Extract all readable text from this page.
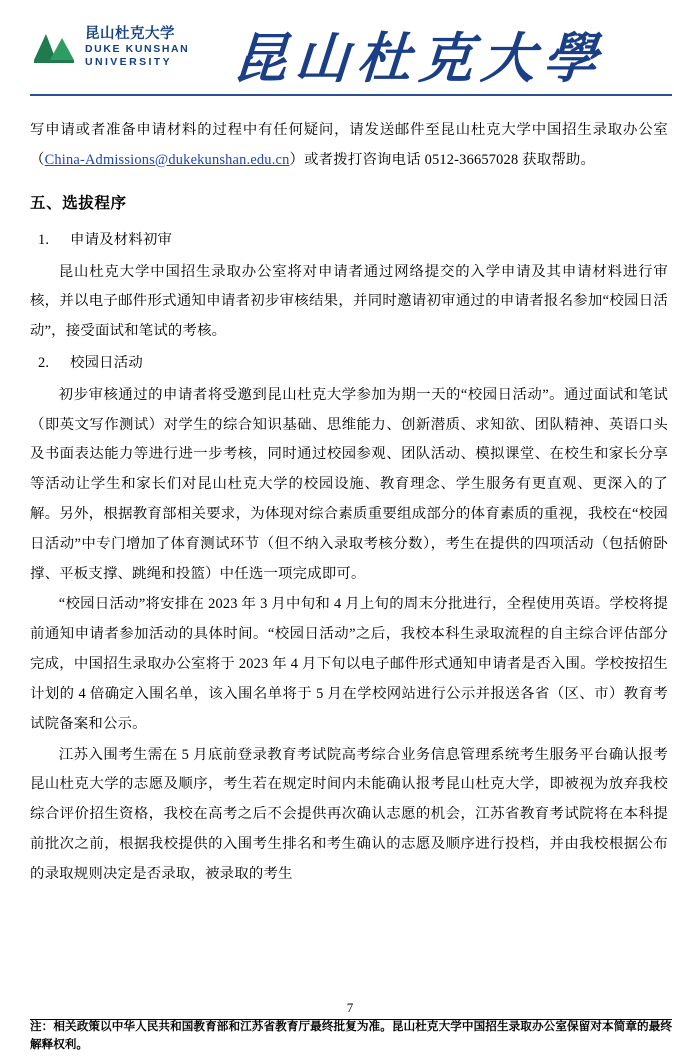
昆山杜克大学
DUKE KUNSHAN
UNIVERSITY	昆山杜克大學

写申请或者准备申请材料的过程中有任何疑问，请发送邮件至昆山杜克大学中国招生录取办公室（China-Admissions@dukekunshan.edu.cn）或者拨打咨询电话 0512-36657028 获取帮助。

五、选拔程序
1.	申请及材料初审

昆山杜克大学中国招生录取办公室将对申请者通过网络提交的入学申请及其申请材料进行审核，并以电子邮件形式通知申请者初步审核结果，并同时邀请初审通过的申请者报名参加“校园日活动”，接受面试和笔试的考核。

2.	校园日活动

初步审核通过的申请者将受邀到昆山杜克大学参加为期一天的“校园日活动”。通过面试和笔试（即英文写作测试）对学生的综合知识基础、思维能力、创新潜质、求知欲、团队精神、英语口头及书面表达能力等进行进一步考核，同时通过校园参观、团队活动、模拟课堂、在校生和家长分享等活动让学生和家长们对昆山杜克大学的校园设施、教育理念、学生服务有更直观、更深入的了解。另外，根据教育部相关要求，为体现对综合素质重要组成部分的体育素质的重视，我校在“校园日活动”中专门增加了体育测试环节（但不纳入录取考核分数），考生在提供的四项活动（包括俯卧撑、平板支撑、跳绳和投篮）中任选一项完成即可。

“校园日活动”将安排在 2023 年 3 月中旬和 4 月上旬的周末分批进行，全程使用英语。学校将提前通知申请者参加活动的具体时间。“校园日活动”之后，我校本科生录取流程的自主综合评估部分完成，中国招生录取办公室将于 2023 年 4 月下旬以电子邮件形式通知申请者是否入围。学校按招生计划的 4 倍确定入围名单，该入围名单将于 5 月在学校网站进行公示并报送各省（区、市）教育考试院备案和公示。

江苏入围考生需在 5 月底前登录教育考试院高考综合业务信息管理系统考生服务平台确认报考昆山杜克大学的志愿及顺序，考生若在规定时间内未能确认报考昆山杜克大学，即被视为放弃我校综合评价招生资格，我校在高考之后不会提供再次确认志愿的机会，江苏省教育考试院将在本科提前批次之前，根据我校提供的入围考生排名和考生确认的志愿及顺序进行投档，并由我校根据公布的录取规则决定是否录取，被录取的考生

7
注：相关政策以中华人民共和国教育部和江苏省教育厅最终批复为准。昆山杜克大学中国招生录取办公室保留对本简章的最终解释权利。
